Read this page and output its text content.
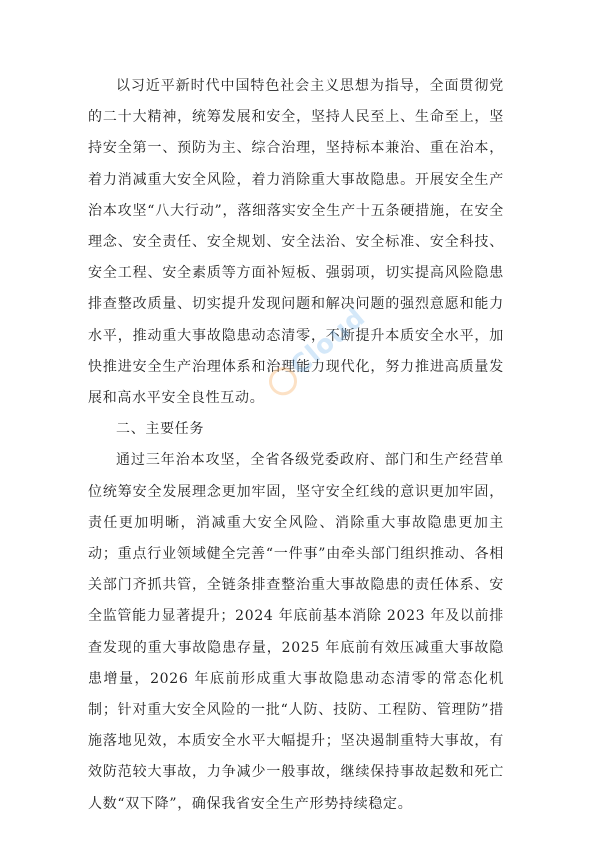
以习近平新时代中国特色社会主义思想为指导，全面贯彻党的二十大精神，统筹发展和安全，坚持人民至上、生命至上，坚持安全第一、预防为主、综合治理，坚持标本兼治、重在治本，着力消减重大安全风险，着力消除重大事故隐患。开展安全生产治本攻坚“八大行动”，落细落实安全生产十五条硬措施，在安全理念、安全责任、安全规划、安全法治、安全标准、安全科技、安全工程、安全素质等方面补短板、强弱项，切实提高风险隐患排查整改质量、切实提升发现问题和解决问题的强烈意愿和能力水平，推动重大事故隐患动态清零，不断提升本质安全水平，加快推进安全生产治理体系和治理能力现代化，努力推进高质量发展和高水平安全良性互动。

二、主要任务

通过三年治本攻坚，全省各级党委政府、部门和生产经营单位统筹安全发展理念更加牢固，坚守安全红线的意识更加牢固，责任更加明晰，消减重大安全风险、消除重大事故隐患更加主动；重点行业领域健全完善“一件事”由牵头部门组织推动、各相关部门齐抓共管，全链条排查整治重大事故隐患的责任体系、安全监管能力显著提升；2024 年底前基本消除 2023 年及以前排查发现的重大事故隐患存量，2025 年底前有效压减重大事故隐患增量，2026 年底前形成重大事故隐患动态清零的常态化机制；针对重大安全风险的一批“人防、技防、工程防、管理防”措施落地见效，本质安全水平大幅提升；坚决遏制重特大事故，有效防范较大事故，力争减少一般事故，继续保持事故起数和死亡人数“双下降”，确保我省安全生产形势持续稳定。

Cloud
